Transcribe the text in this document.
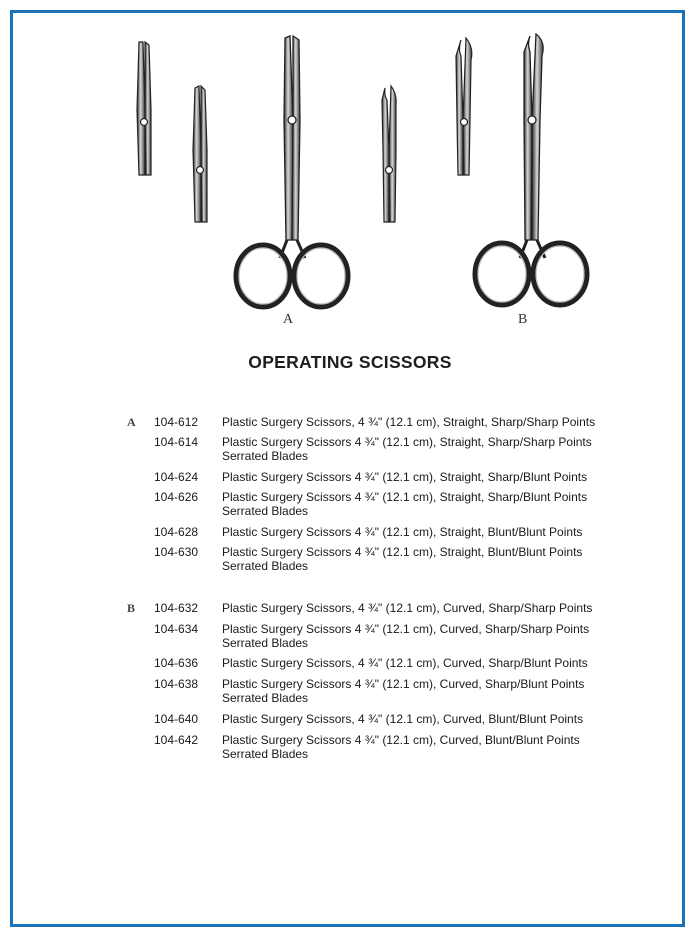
A	B
OPERATING SCISSORS
A 104-612 Plastic Surgery Scissors, 4 ¾" (12.1 cm), Straight, Sharp/Sharp Points
104-614 Plastic Surgery Scissors 4 ¾" (12.1 cm), Straight, Sharp/Sharp Points
Serrated Blades
104-624 Plastic Surgery Scissors 4 ¾" (12.1 cm), Straight, Sharp/Blunt Points
104-626 Plastic Surgery Scissors 4 ¾" (12.1 cm), Straight, Sharp/Blunt Points
Serrated Blades
104-628 Plastic Surgery Scissors 4 ¾" (12.1 cm), Straight, Blunt/Blunt Points
104-630 Plastic Surgery Scissors 4 ¾" (12.1 cm), Straight, Blunt/Blunt Points
Serrated Blades
B 104-632 Plastic Surgery Scissors, 4 ¾" (12.1 cm), Curved, Sharp/Sharp Points
104-634 Plastic Surgery Scissors 4 ¾" (12.1 cm), Curved, Sharp/Sharp Points
Serrated Blades
104-636 Plastic Surgery Scissors, 4 ¾" (12.1 cm), Curved, Sharp/Blunt Points
104-638 Plastic Surgery Scissors 4 ¾" (12.1 cm), Curved, Sharp/Blunt Points
Serrated Blades
104-640 Plastic Surgery Scissors, 4 ¾" (12.1 cm), Curved, Blunt/Blunt Points
104-642 Plastic Surgery Scissors 4 ¾" (12.1 cm), Curved, Blunt/Blunt Points
Serrated Blades
